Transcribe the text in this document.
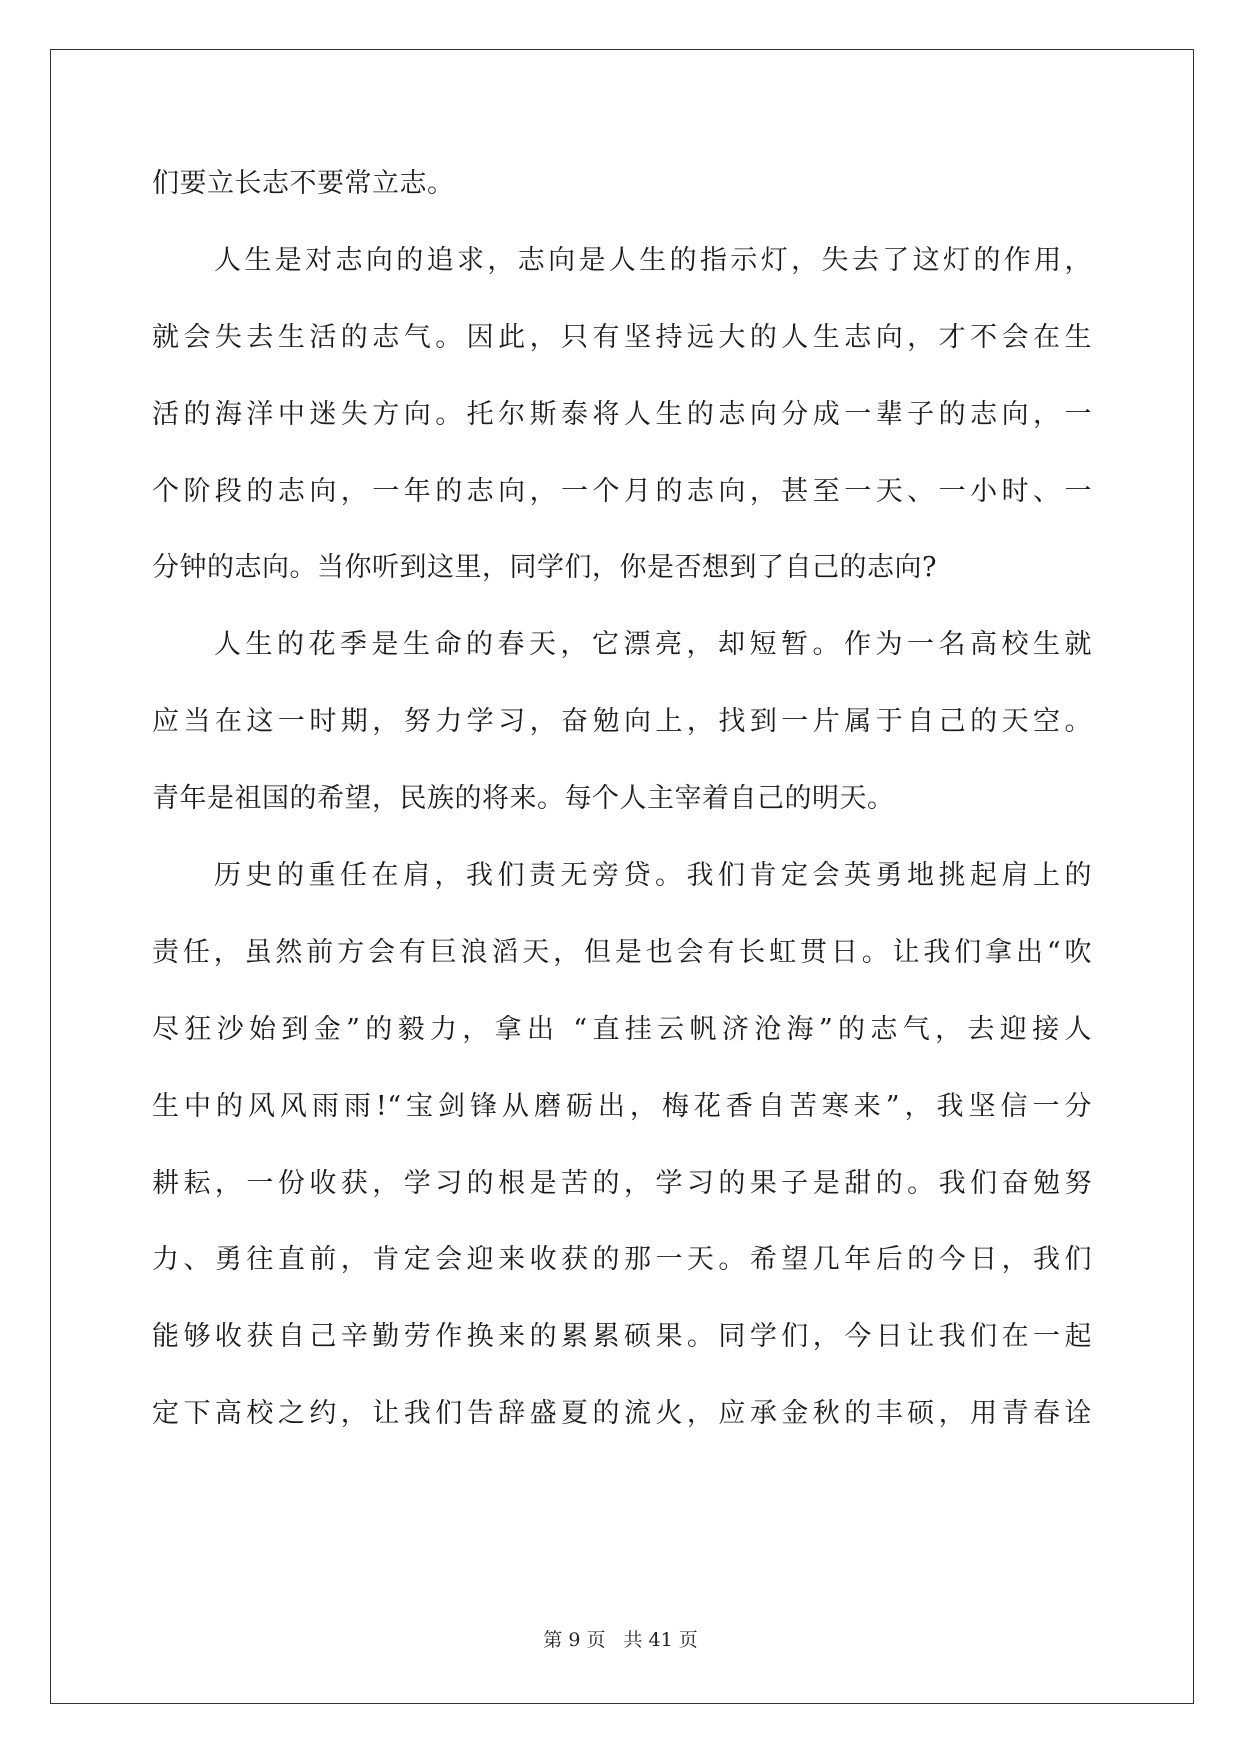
们要立长志不要常立志。
人生是对志向的追求，志向是人生的指示灯，失去了这灯的作用，
就会失去生活的志气。因此，只有坚持远大的人生志向，才不会在生
活的海洋中迷失方向。托尔斯泰将人生的志向分成一辈子的志向，一
个阶段的志向，一年的志向，一个月的志向，甚至一天、一小时、一
分钟的志向。当你听到这里，同学们，你是否想到了自己的志向?
人生的花季是生命的春天，它漂亮，却短暂。作为一名高校生就
应当在这一时期，努力学习，奋勉向上，找到一片属于自己的天空。
青年是祖国的希望，民族的将来。每个人主宰着自己的明天。
历史的重任在肩，我们责无旁贷。我们肯定会英勇地挑起肩上的
责任，虽然前方会有巨浪滔天，但是也会有长虹贯日。让我们拿出“吹
尽狂沙始到金”的毅力，拿出 “直挂云帆济沧海”的志气，去迎接人
生中的风风雨雨!“宝剑锋从磨砺出，梅花香自苦寒来”，我坚信一分
耕耘，一份收获，学习的根是苦的，学习的果子是甜的。我们奋勉努
力、勇往直前，肯定会迎来收获的那一天。希望几年后的今日，我们
能够收获自己辛勤劳作换来的累累硕果。同学们，今日让我们在一起
定下高校之约，让我们告辞盛夏的流火，应承金秋的丰硕，用青春诠
第 9 页 共 41 页
